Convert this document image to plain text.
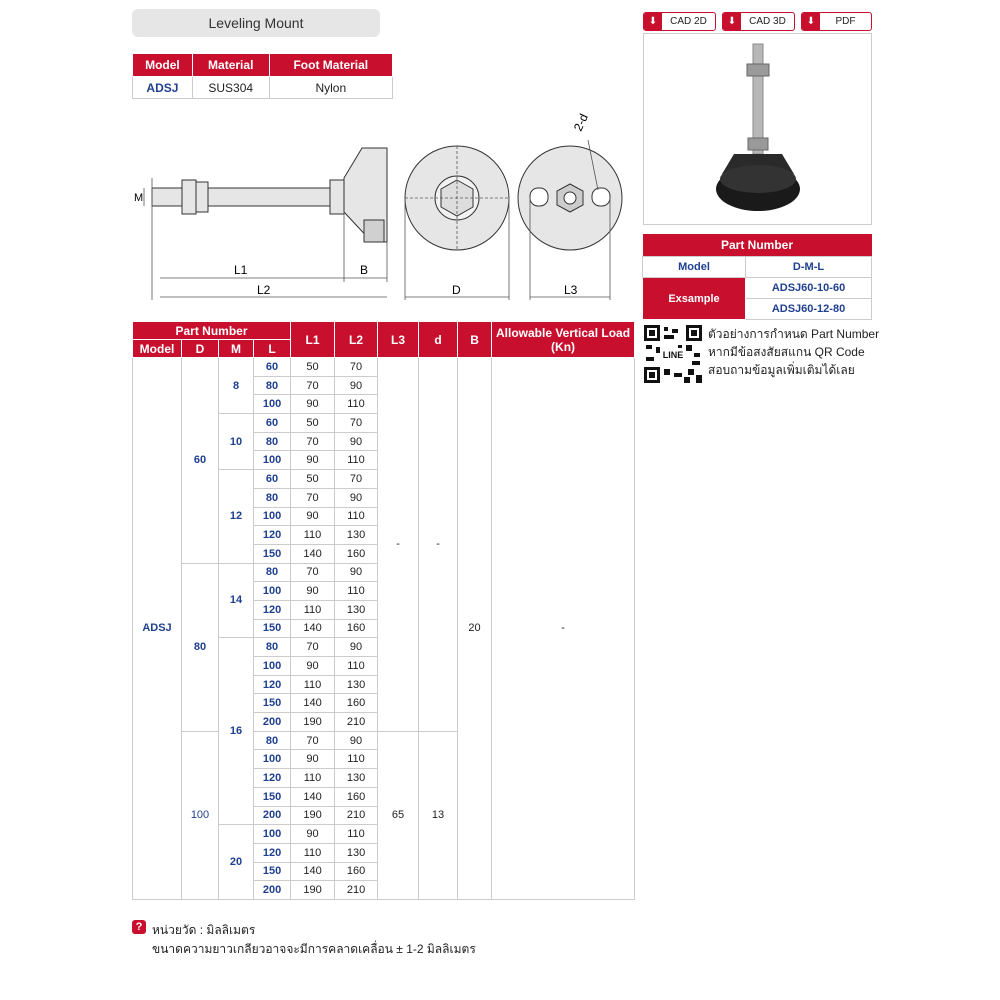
Leveling Mount
Model	Material	Foot Material
ADSJ	SUS304	Nylon
⬇	CAD 2D	⬇	CAD 3D	⬇	PDF
M
L1	B
L2	D	L3
2-d
Part Number	
Model	D-M-L
Exsample	ADSJ60-10-60
	ADSJ60-12-80
LINE
ตัวอย่างการกำหนด Part Number
หากมีข้อสงสัยสแกน QR Code
สอบถามข้อมูลเพิ่มเติมได้เลย
Part Number				L1	L2	L3	d	B	Allowable Vertical Load (Kn)
Model	D	M	L						
ADSJ	60	8	60	50	70	-	-	20	-
			80	70	90				
			100	90	110				
		10	60	50	70				
			80	70	90				
			100	90	110				
		12	60	50	70				
			80	70	90				
			100	90	110				
			120	110	130				
			150	140	160				
	80	14	80	70	90				
			100	90	110				
			120	110	130				
			150	140	160				
		16	80	70	90				
			100	90	110				
			120	110	130				
			150	140	160				
			200	190	210				
	100		80	70	90	65	13		
			100	90	110				
			120	110	130				
			150	140	160				
			200	190	210				
		20	100	90	110				
			120	110	130				
			150	140	160				
			200	190	210				
? หน่วยวัด : มิลลิเมตร
ขนาดความยาวเกลียวอาจจะมีการคลาดเคลื่อน ± 1-2 มิลลิเมตร
